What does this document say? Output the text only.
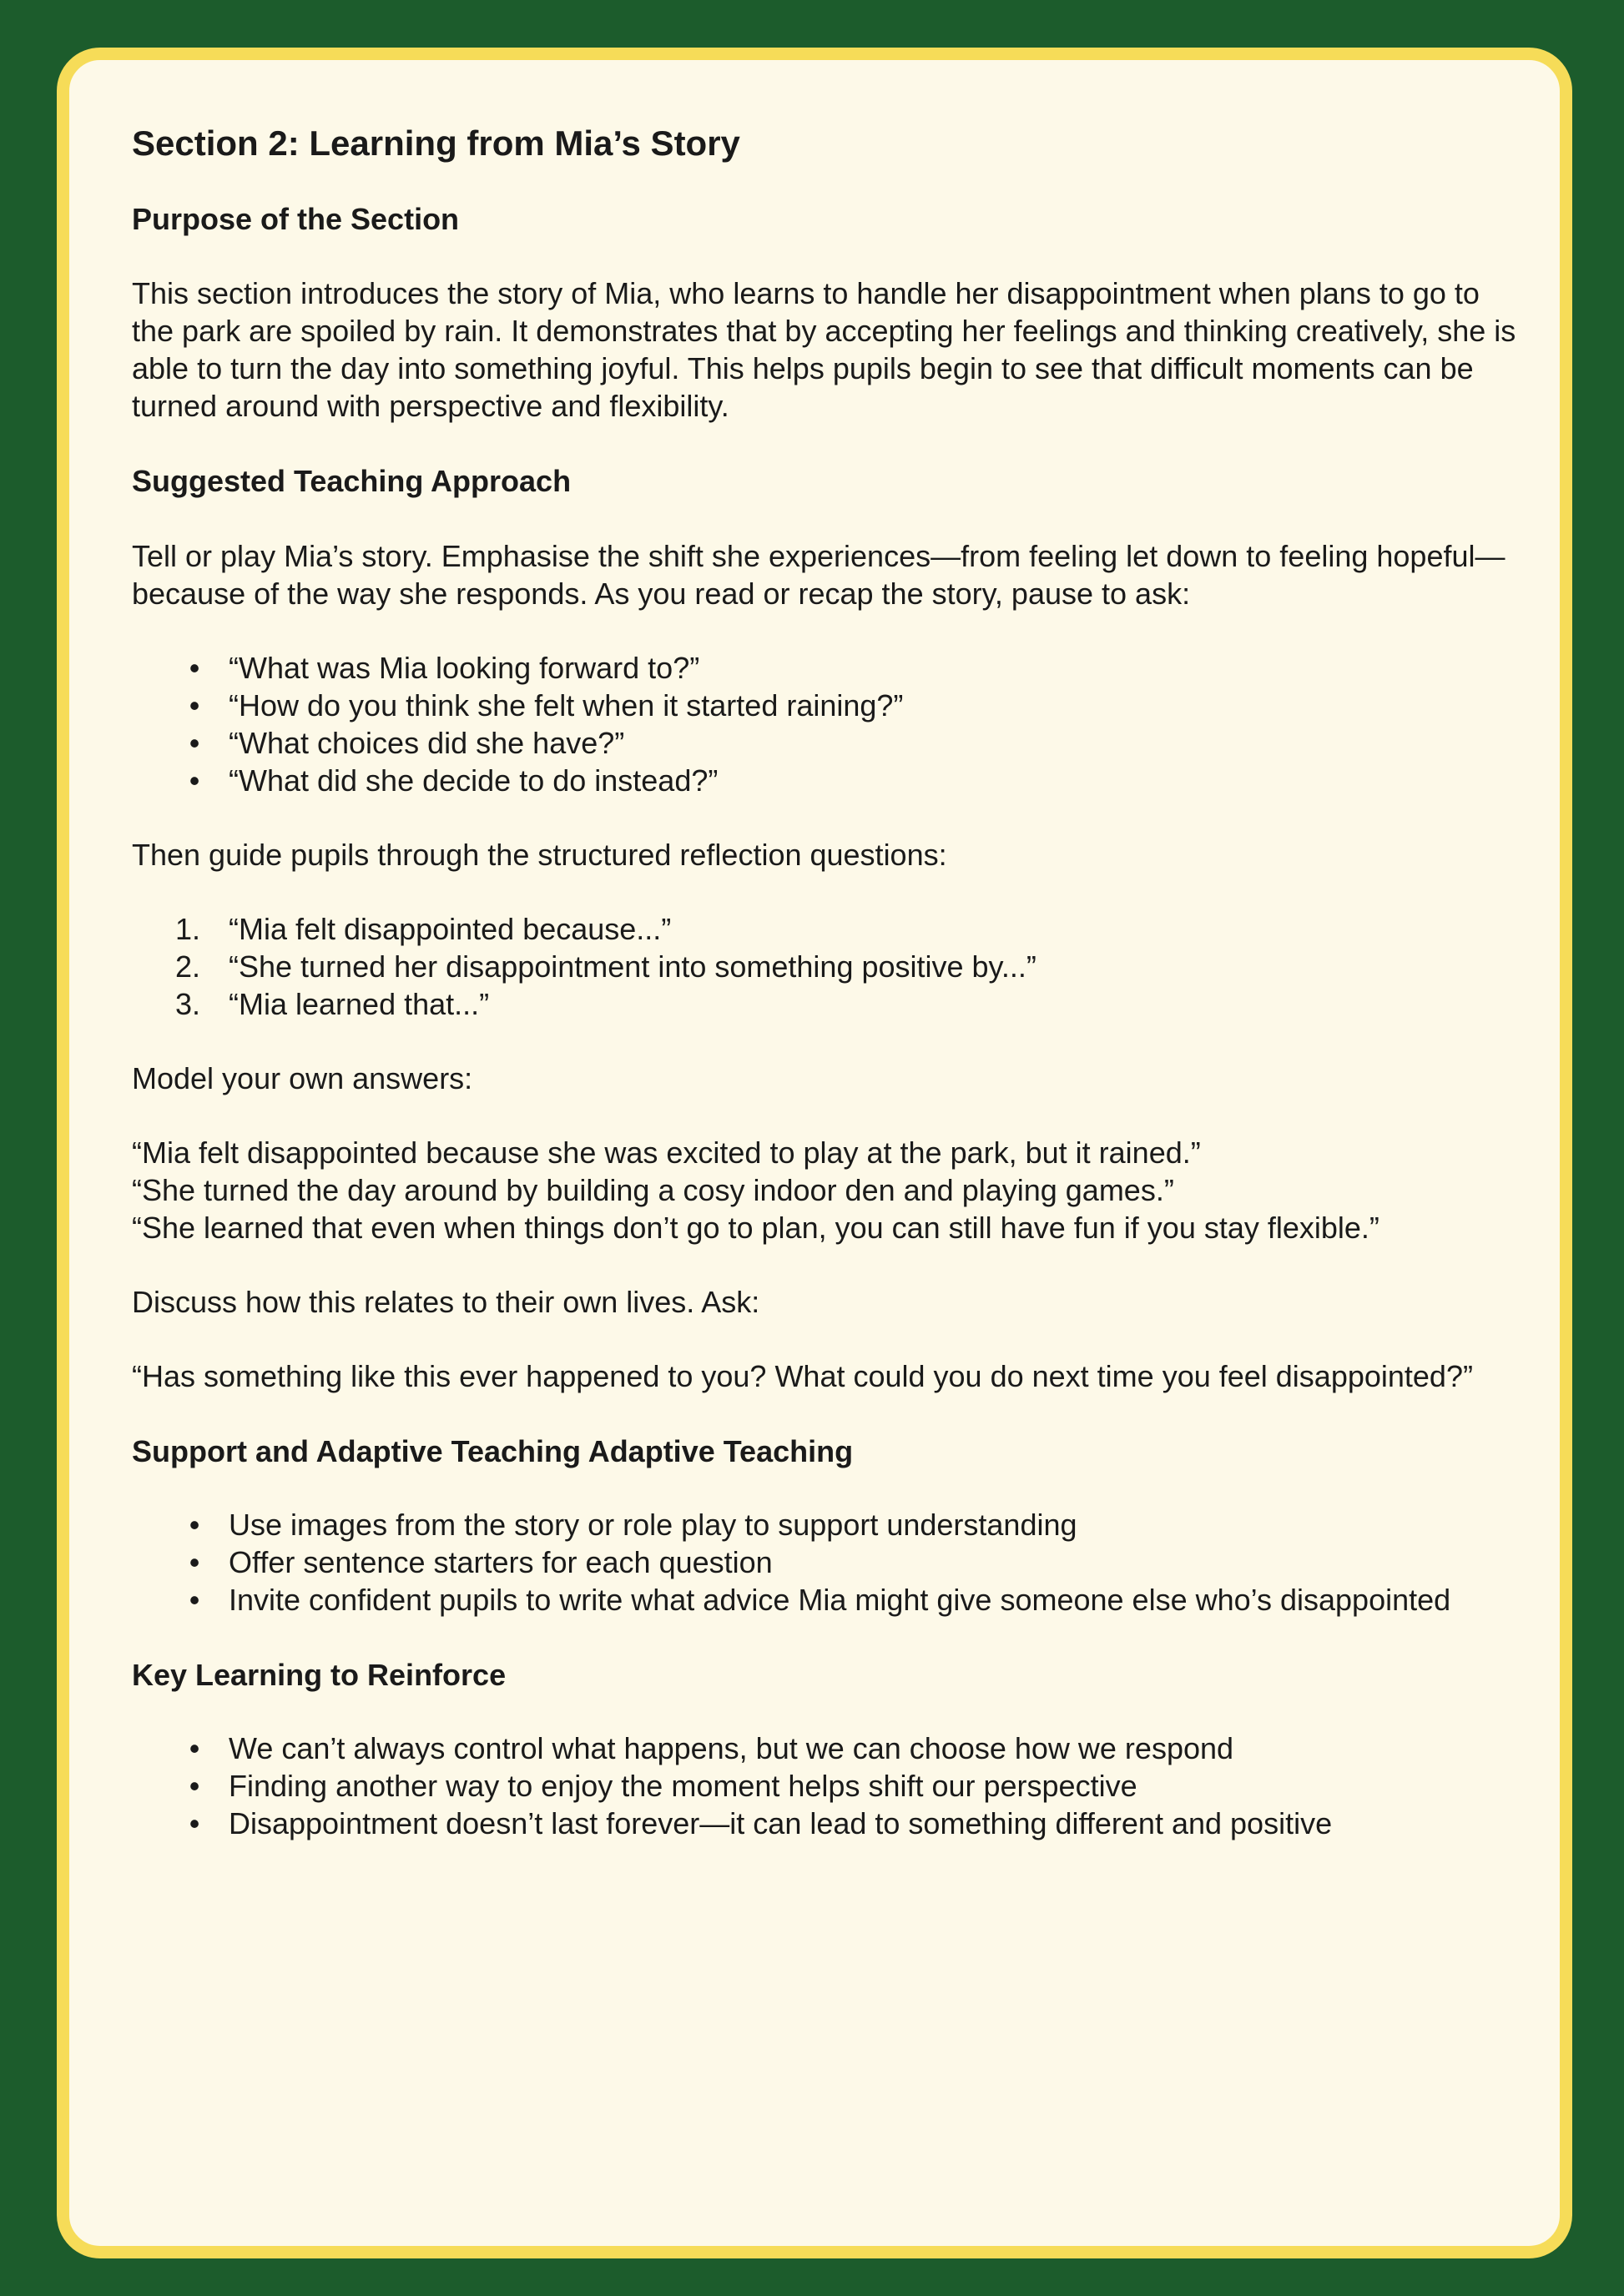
Section 2: Learning from Mia’s Story
Purpose of the Section

This section introduces the story of Mia, who learns to handle her disappointment when plans to go to the park are spoiled by rain. It demonstrates that by accepting her feelings and thinking creatively, she is able to turn the day into something joyful. This helps pupils begin to see that difficult moments can be turned around with perspective and flexibility.

Suggested Teaching Approach

Tell or play Mia’s story. Emphasise the shift she experiences—from feeling let down to feeling hopeful—because of the way she responds. As you read or recap the story, pause to ask:

• “What was Mia looking forward to?”
• “How do you think she felt when it started raining?”
• “What choices did she have?”
• “What did she decide to do instead?”

Then guide pupils through the structured reflection questions:

1. “Mia felt disappointed because...”
2. “She turned her disappointment into something positive by...”
3. “Mia learned that...”

Model your own answers:

“Mia felt disappointed because she was excited to play at the park, but it rained.”

“She turned the day around by building a cosy indoor den and playing games.”

“She learned that even when things don’t go to plan, you can still have fun if you stay flexible.”

Discuss how this relates to their own lives. Ask:

“Has something like this ever happened to you? What could you do next time you feel disappointed?”

Support and Adaptive Teaching Adaptive Teaching
• Use images from the story or role play to support understanding
• Offer sentence starters for each question
• Invite confident pupils to write what advice Mia might give someone else who’s disappointed
Key Learning to Reinforce
• We can’t always control what happens, but we can choose how we respond
• Finding another way to enjoy the moment helps shift our perspective
• Disappointment doesn’t last forever—it can lead to something different and positive
